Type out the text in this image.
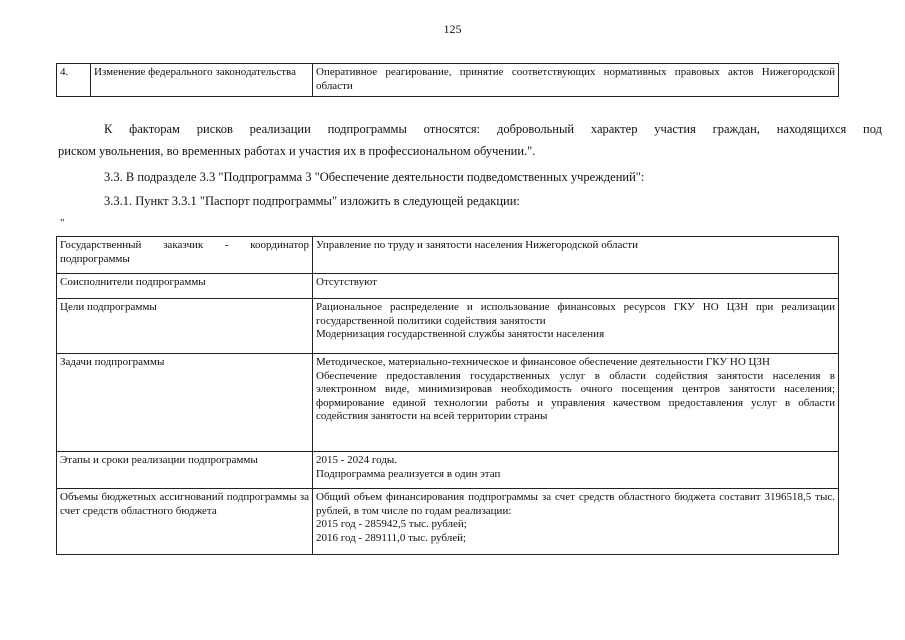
125
4.	Изменение федерального законодательства	Оперативное реагирование, принятие соответствующих нормативных правовых актов Нижегородской области
К факторам рисков реализации подпрограммы относятся: добровольный характер участия граждан, находящихся под
риском увольнения, во временных работах и участия их в профессиональном обучении.".
3.3. В подразделе 3.3 "Подпрограмма 3 "Обеспечение деятельности подведомственных учреждений":
3.3.1. Пункт 3.3.1 "Паспорт подпрограммы" изложить в следующей редакции:
"
Государственный заказчик - координатор подпрограммы	Управление по труду и занятости населения Нижегородской области
Соисполнители подпрограммы	Отсутствуют
Цели подпрограммы	Рациональное распределение и использование финансовых ресурсов ГКУ НО ЦЗН при реализации государственной политики содействия занятости
Модернизация государственной службы занятости населения

Задачи подпрограммы	Методическое, материально-техническое и финансовое обеспечение деятельности ГКУ НО ЦЗН
Обеспечение предоставления государственных услуг в области содействия занятости населения в электронном виде, минимизировав необходимость очного посещения центров занятости населения; формирование единой технологии работы и управления качеством предоставления услуг в области содействия занятости на всей территории страны

Этапы и сроки реализации подпрограммы	2015 - 2024 годы.
Подпрограмма реализуется в один этап

Объемы бюджетных ассигнований подпрограммы за счет средств областного бюджета	Общий объем финансирования подпрограммы за счет средств областного бюджета составит 3196518,5 тыс. рублей, в том числе по годам реализации:
2015 год - 285942,5 тыс. рублей;
2016 год - 289111,0 тыс. рублей;
